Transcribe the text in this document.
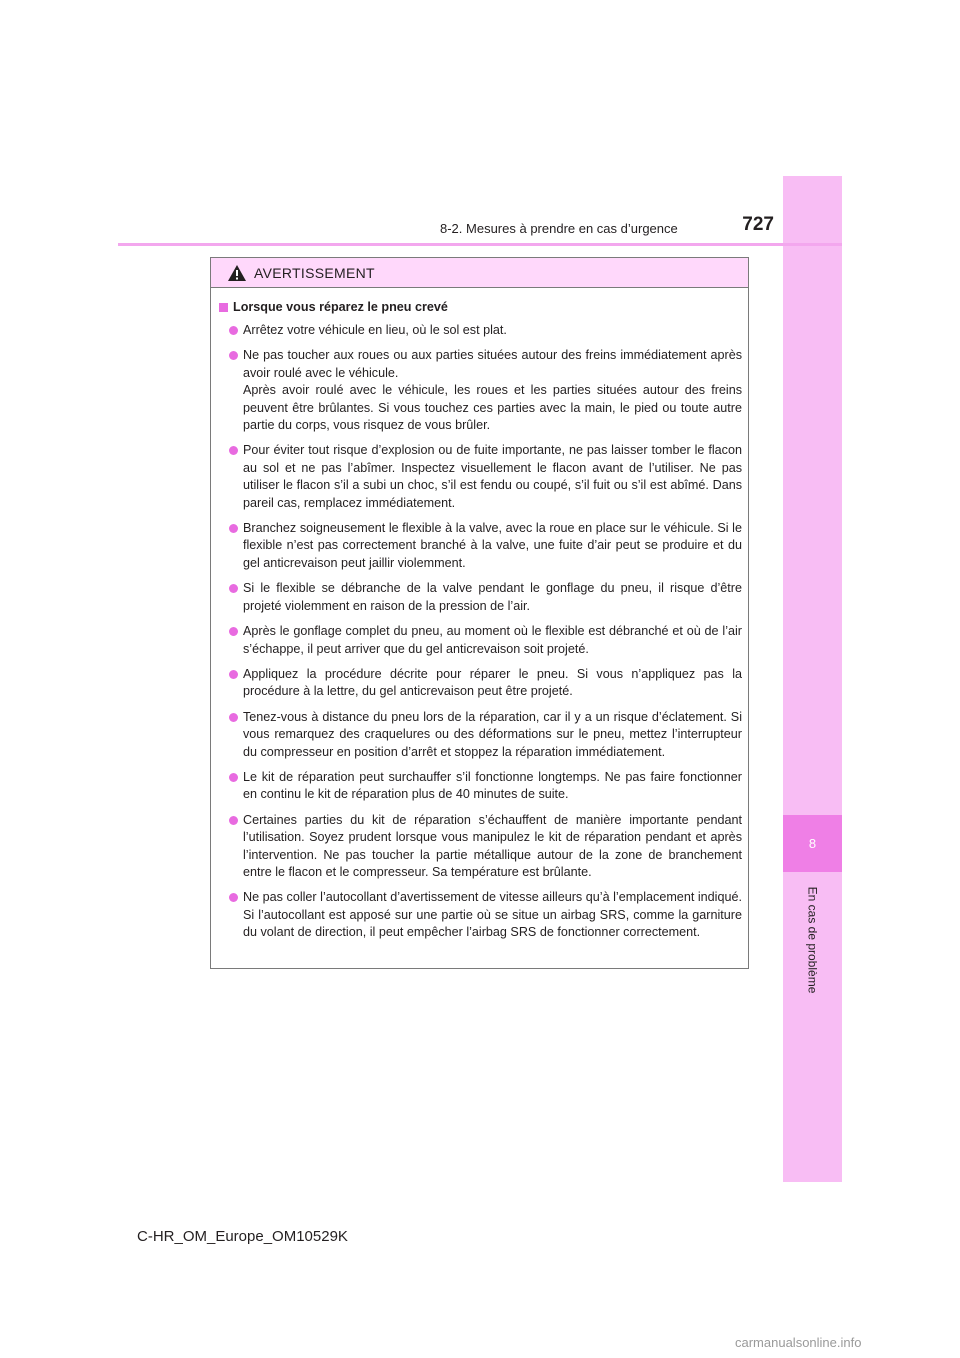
8
En cas de problème
8-2. Mesures à prendre en cas d’urgence	727
AVERTISSEMENT
Lorsque vous réparez le pneu crevé

Arrêtez votre véhicule en lieu, où le sol est plat.

Ne pas toucher aux roues ou aux parties situées autour des freins immédiatement après avoir roulé avec le véhicule.

Après avoir roulé avec le véhicule, les roues et les parties situées autour des freins peuvent être brûlantes. Si vous touchez ces parties avec la main, le pied ou toute autre partie du corps, vous risquez de vous brûler.

Pour éviter tout risque d’explosion ou de fuite importante, ne pas laisser tomber le flacon au sol et ne pas l’abîmer. Inspectez visuellement le flacon avant de l’utiliser. Ne pas utiliser le flacon s’il a subi un choc, s’il est fendu ou coupé, s’il fuit ou s’il est abîmé. Dans pareil cas, remplacez immédiatement.

Branchez soigneusement le flexible à la valve, avec la roue en place sur le véhicule. Si le flexible n’est pas correctement branché à la valve, une fuite d’air peut se produire et du gel anticrevaison peut jaillir violemment.

Si le flexible se débranche de la valve pendant le gonflage du pneu, il risque d’être projeté violemment en raison de la pression de l’air.

Après le gonflage complet du pneu, au moment où le flexible est débranché et où de l’air s’échappe, il peut arriver que du gel anticrevaison soit projeté.

Appliquez la procédure décrite pour réparer le pneu. Si vous n’appliquez pas la procédure à la lettre, du gel anticrevaison peut être projeté.

Tenez-vous à distance du pneu lors de la réparation, car il y a un risque d’éclatement. Si vous remarquez des craquelures ou des déformations sur le pneu, mettez l’interrupteur du compresseur en position d’arrêt et stoppez la réparation immédiatement.

Le kit de réparation peut surchauffer s’il fonctionne longtemps. Ne pas faire fonctionner en continu le kit de réparation plus de 40 minutes de suite.

Certaines parties du kit de réparation s’échauffent de manière importante pendant l’utilisation. Soyez prudent lorsque vous manipulez le kit de réparation pendant et après l’intervention. Ne pas toucher la partie métallique autour de la zone de branchement entre le flacon et le compresseur. Sa température est brûlante.

Ne pas coller l’autocollant d’avertissement de vitesse ailleurs qu’à l’emplacement indiqué. Si l’autocollant est apposé sur une partie où se situe un airbag SRS, comme la garniture du volant de direction, il peut empêcher l’airbag SRS de fonctionner correctement.

C-HR_OM_Europe_OM10529K
carmanualsonline.info
